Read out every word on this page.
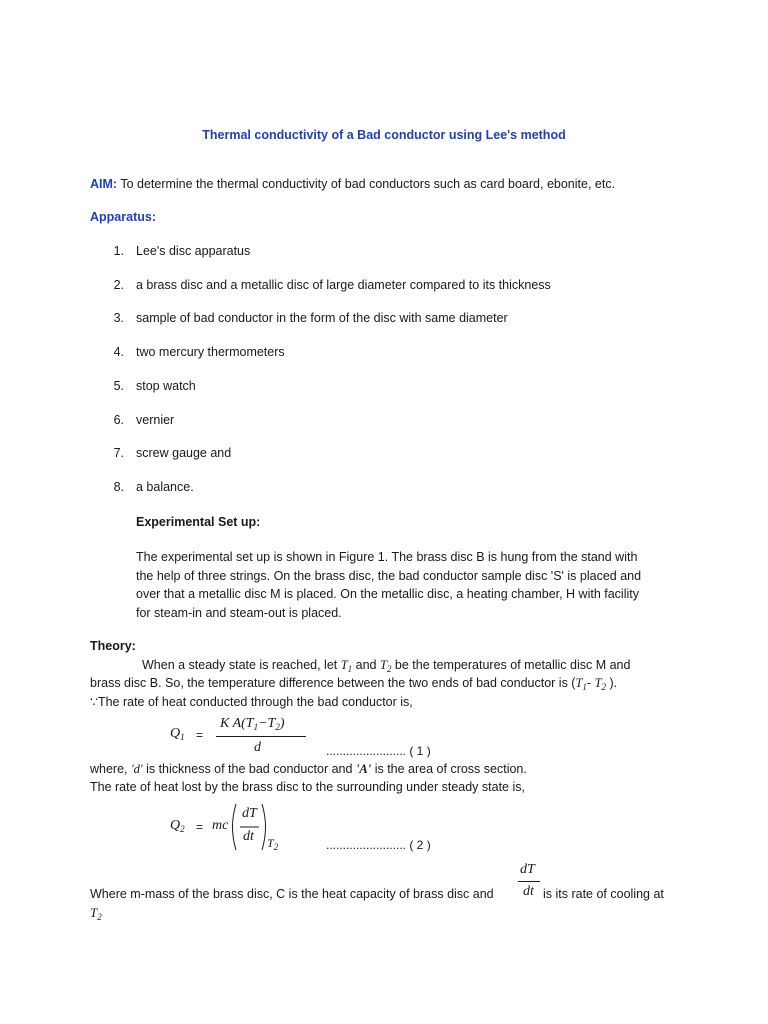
Thermal conductivity of a Bad conductor using Lee's method
AIM: To determine the thermal conductivity of bad conductors such as card board, ebonite, etc.
Apparatus:
1. Lee's disc apparatus
2. a brass disc and a metallic disc of large diameter compared to its thickness
3. sample of bad conductor in the form of the disc with same diameter
4. two mercury thermometers
5. stop watch
6. vernier
7. screw gauge and
8. a balance.
Experimental Set up:
The experimental set up is shown in Figure 1. The brass disc B is hung from the stand with
the help of three strings. On the brass disc, the bad conductor sample disc 'S' is placed and
over that a metallic disc M is placed. On the metallic disc, a heating chamber, H with facility
for steam-in and steam-out is placed.
Theory:
When a steady state is reached, let $T_1$ and $T_2$ be the temperatures of metallic disc M and
brass disc B. So, the temperature difference between the two ends of bad conductor is ($T_1-$ $T_2$ ).
∵The rate of heat conducted through the bad conductor is,
$Q_1$ =
K $A(T_1-T_2)$
d	........................ ( 1 )
where, 'd' is thickness of the bad conductor and 'A' is the area of cross section.
The rate of heat lost by the brass disc to the surrounding under steady state is,
$Q_2$ = mc
dT
dt $T_2$	........................ ( 2 )
Where m-mass of the brass disc, C is the heat capacity of brass disc and
dT
dt is its rate of cooling at
$T_2$
